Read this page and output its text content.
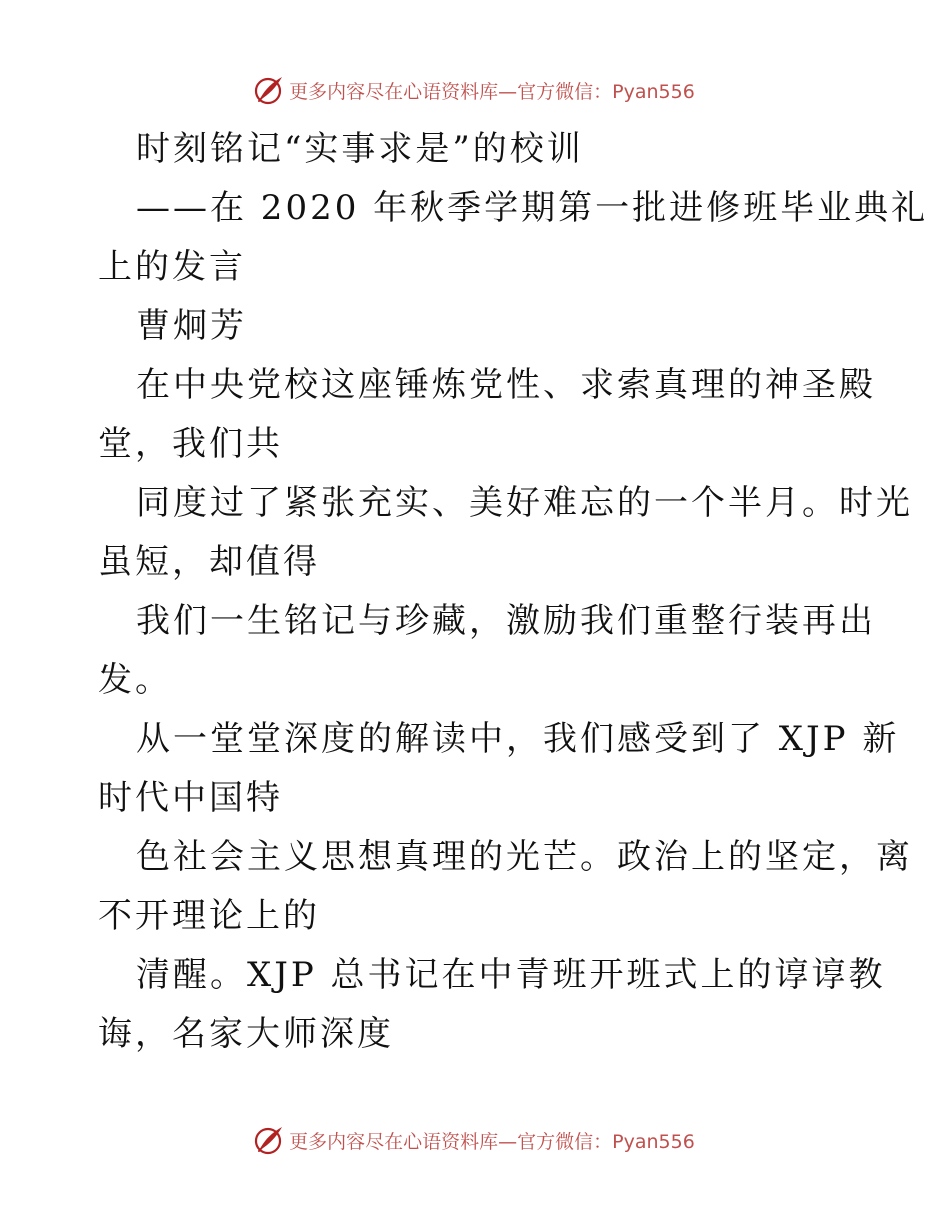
更多内容尽在心语资料库—官方微信：Pyan556
时刻铭记“实事求是”的校训
——在 2020 年秋季学期第一批进修班毕业典礼
上的发言
曹炯芳
在中央党校这座锤炼党性、求索真理的神圣殿
堂，我们共
同度过了紧张充实、美好难忘的一个半月。时光
虽短，却值得
我们一生铭记与珍藏，激励我们重整行装再出
发。
从一堂堂深度的解读中，我们感受到了 XJP 新
时代中国特
色社会主义思想真理的光芒。政治上的坚定，离
不开理论上的
清醒。XJP 总书记在中青班开班式上的谆谆教
诲，名家大师深度
更多内容尽在心语资料库—官方微信：Pyan556
